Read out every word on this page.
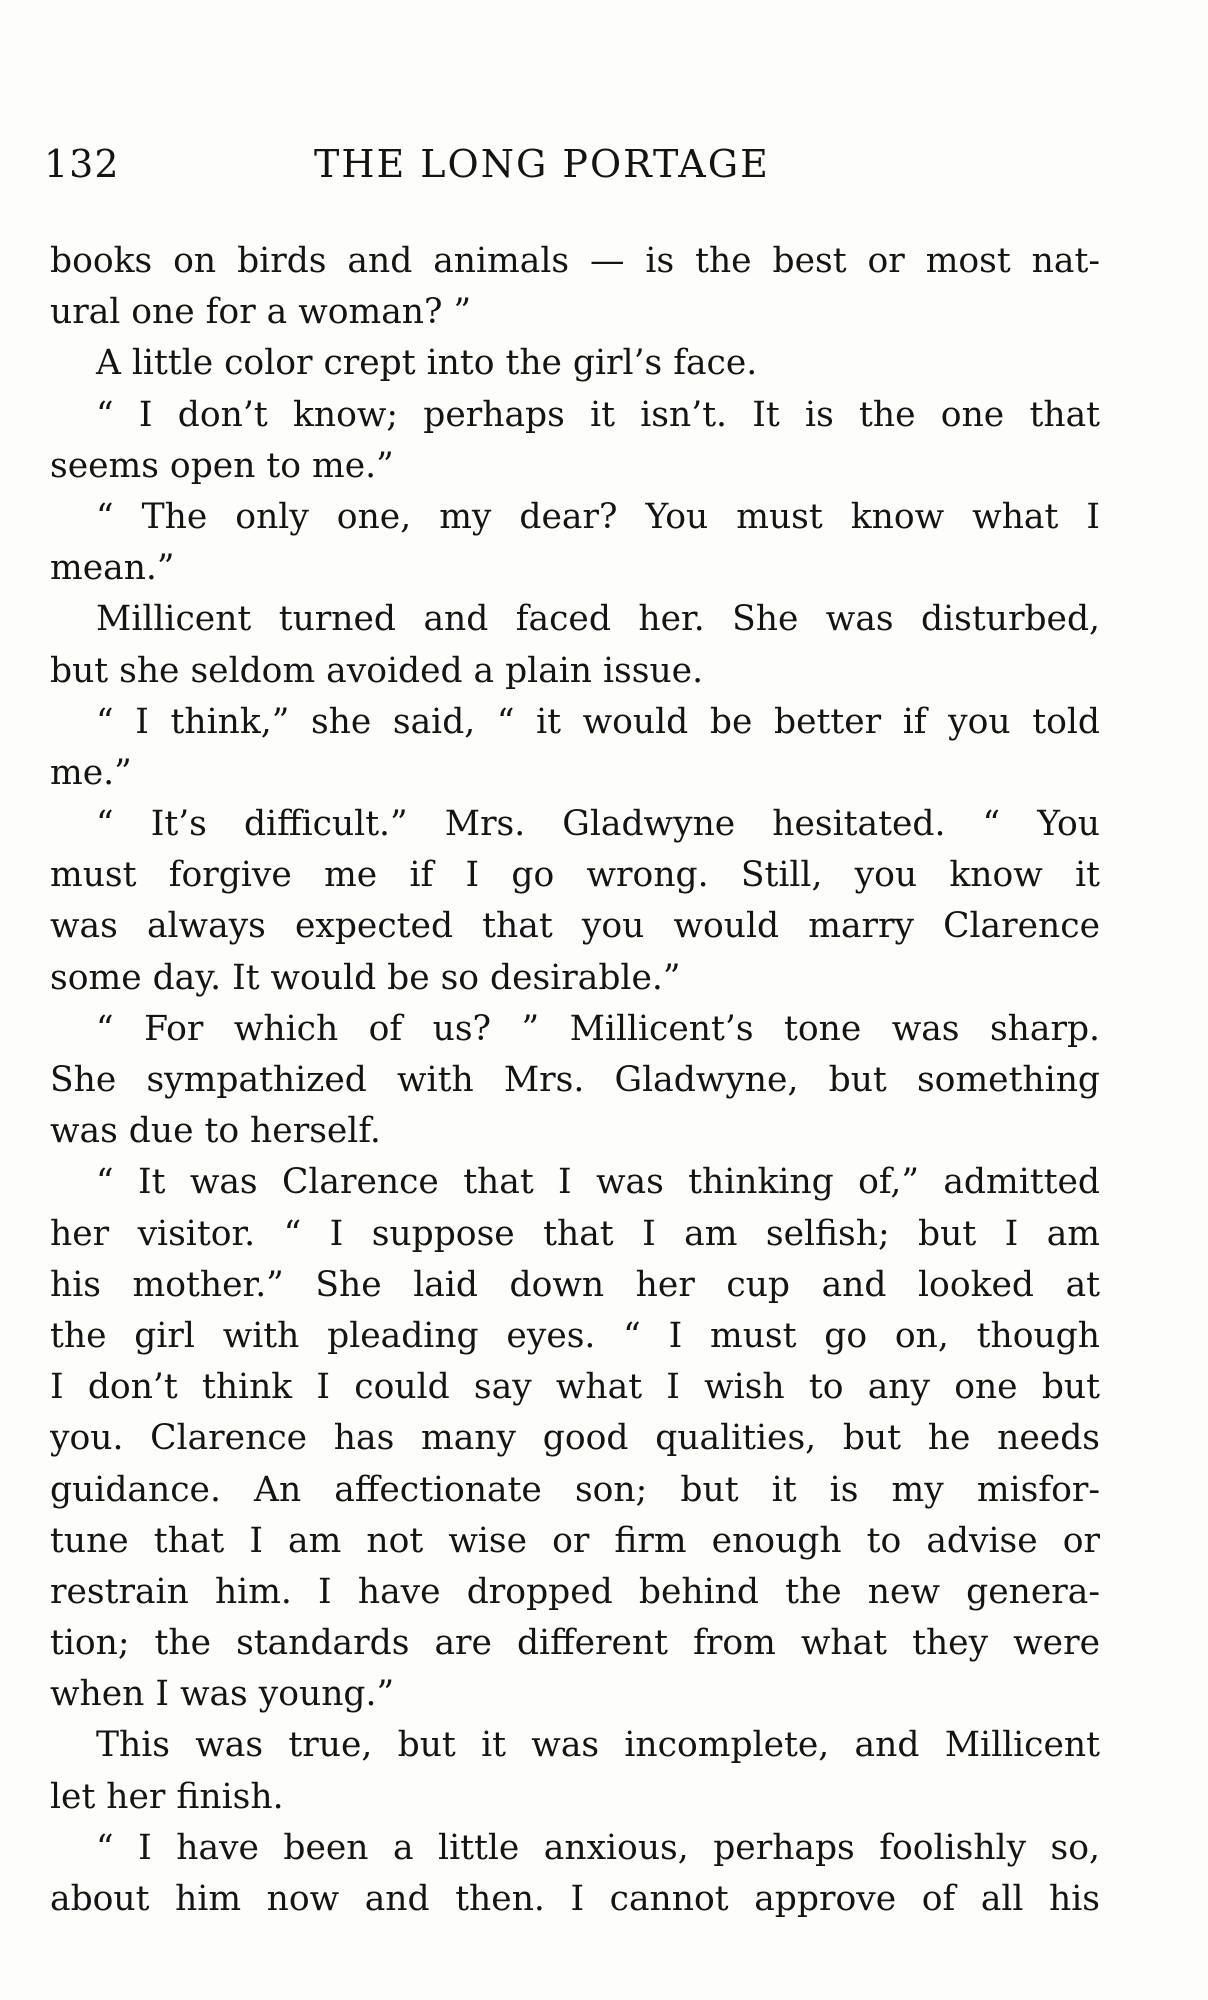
132	THE LONG PORTAGE
books on birds and animals — is the best or most nat-
ural one for a woman? ”
A little color crept into the girl’s face.
“ I don’t know; perhaps it isn’t. It is the one that
seems open to me.”
“ The only one, my dear? You must know what I
mean.”
Millicent turned and faced her. She was disturbed,
but she seldom avoided a plain issue.
“ I think,” she said, “ it would be better if you told
me.”
“ It’s difficult.” Mrs. Gladwyne hesitated. “ You
must forgive me if I go wrong. Still, you know it
was always expected that you would marry Clarence
some day. It would be so desirable.”
“ For which of us? ” Millicent’s tone was sharp.
She sympathized with Mrs. Gladwyne, but something
was due to herself.
“ It was Clarence that I was thinking of,” admitted
her visitor. “ I suppose that I am selfish; but I am
his mother.” She laid down her cup and looked at
the girl with pleading eyes. “ I must go on, though
I don’t think I could say what I wish to any one but
you. Clarence has many good qualities, but he needs
guidance. An affectionate son; but it is my misfor-
tune that I am not wise or firm enough to advise or
restrain him. I have dropped behind the new genera-
tion; the standards are different from what they were
when I was young.”
This was true, but it was incomplete, and Millicent
let her finish.
“ I have been a little anxious, perhaps foolishly so,
about him now and then. I cannot approve of all his
